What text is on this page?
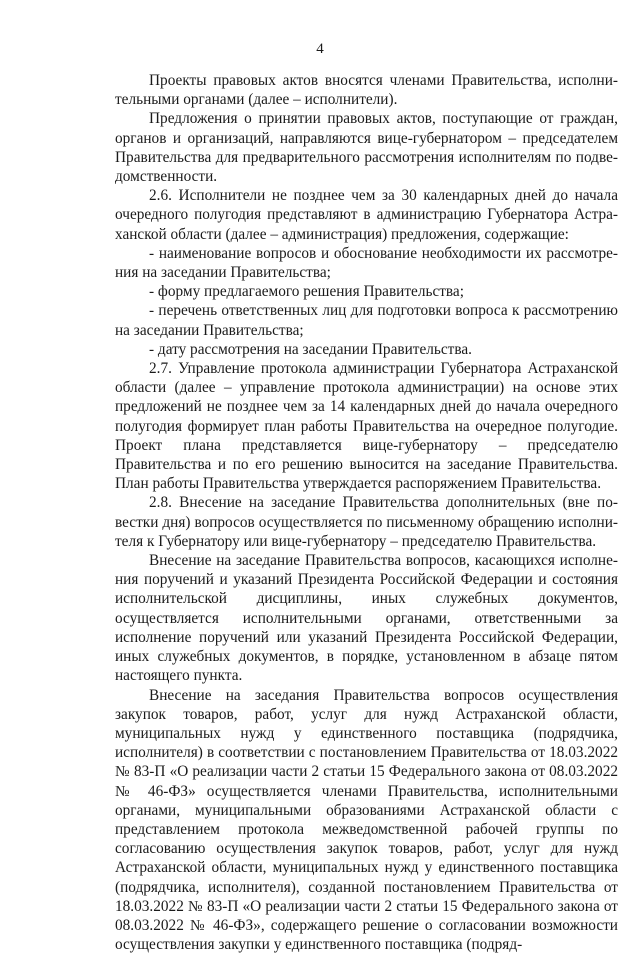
4

Проекты правовых актов вносятся членами Правительства, исполнительными органами (далее – исполнители).

Предложения о принятии правовых актов, поступающие от граждан, органов и организаций, направляются вице-губернатором – председателем Правительства для предварительного рассмотрения исполнителям по подведомственности.

2.6. Исполнители не позднее чем за 30 календарных дней до начала очередного полугодия представляют в администрацию Губернатора Астраханской области (далее – администрация) предложения, содержащие:

- наименование вопросов и обоснование необходимости их рассмотрения на заседании Правительства;

- форму предлагаемого решения Правительства;

- перечень ответственных лиц для подготовки вопроса к рассмотрению на заседании Правительства;

- дату рассмотрения на заседании Правительства.

2.7. Управление протокола администрации Губернатора Астраханской области (далее – управление протокола администрации) на основе этих предложений не позднее чем за 14 календарных дней до начала очередного полугодия формирует план работы Правительства на очередное полугодие. Проект плана представляется вице-губернатору – председателю Правительства и по его решению выносится на заседание Правительства. План работы Правительства утверждается распоряжением Правительства.

2.8. Внесение на заседание Правительства дополнительных (вне повестки дня) вопросов осуществляется по письменному обращению исполнителя к Губернатору или вице-губернатору – председателю Правительства.

Внесение на заседание Правительства вопросов, касающихся исполнения поручений и указаний Президента Российской Федерации и состояния исполнительской дисциплины, иных служебных документов, осуществляется исполнительными органами, ответственными за исполнение поручений или указаний Президента Российской Федерации, иных служебных документов, в порядке, установленном в абзаце пятом настоящего пункта.

Внесение на заседания Правительства вопросов осуществления закупок товаров, работ, услуг для нужд Астраханской области, муниципальных нужд у единственного поставщика (подрядчика, исполнителя) в соответствии с постановлением Правительства от 18.03.2022 № 83-П «О реализации части 2 статьи 15 Федерального закона от 08.03.2022 № 46-ФЗ» осуществляется членами Правительства, исполнительными органами, муниципальными образованиями Астраханской области с представлением протокола межведомственной рабочей группы по согласованию осуществления закупок товаров, работ, услуг для нужд Астраханской области, муниципальных нужд у единственного поставщика (подрядчика, исполнителя), созданной постановлением Правительства от 18.03.2022 № 83-П «О реализации части 2 статьи 15 Федерального закона от 08.03.2022 № 46-ФЗ», содержащего решение о согласовании возможности осуществления закупки у единственного поставщика (подряд-
